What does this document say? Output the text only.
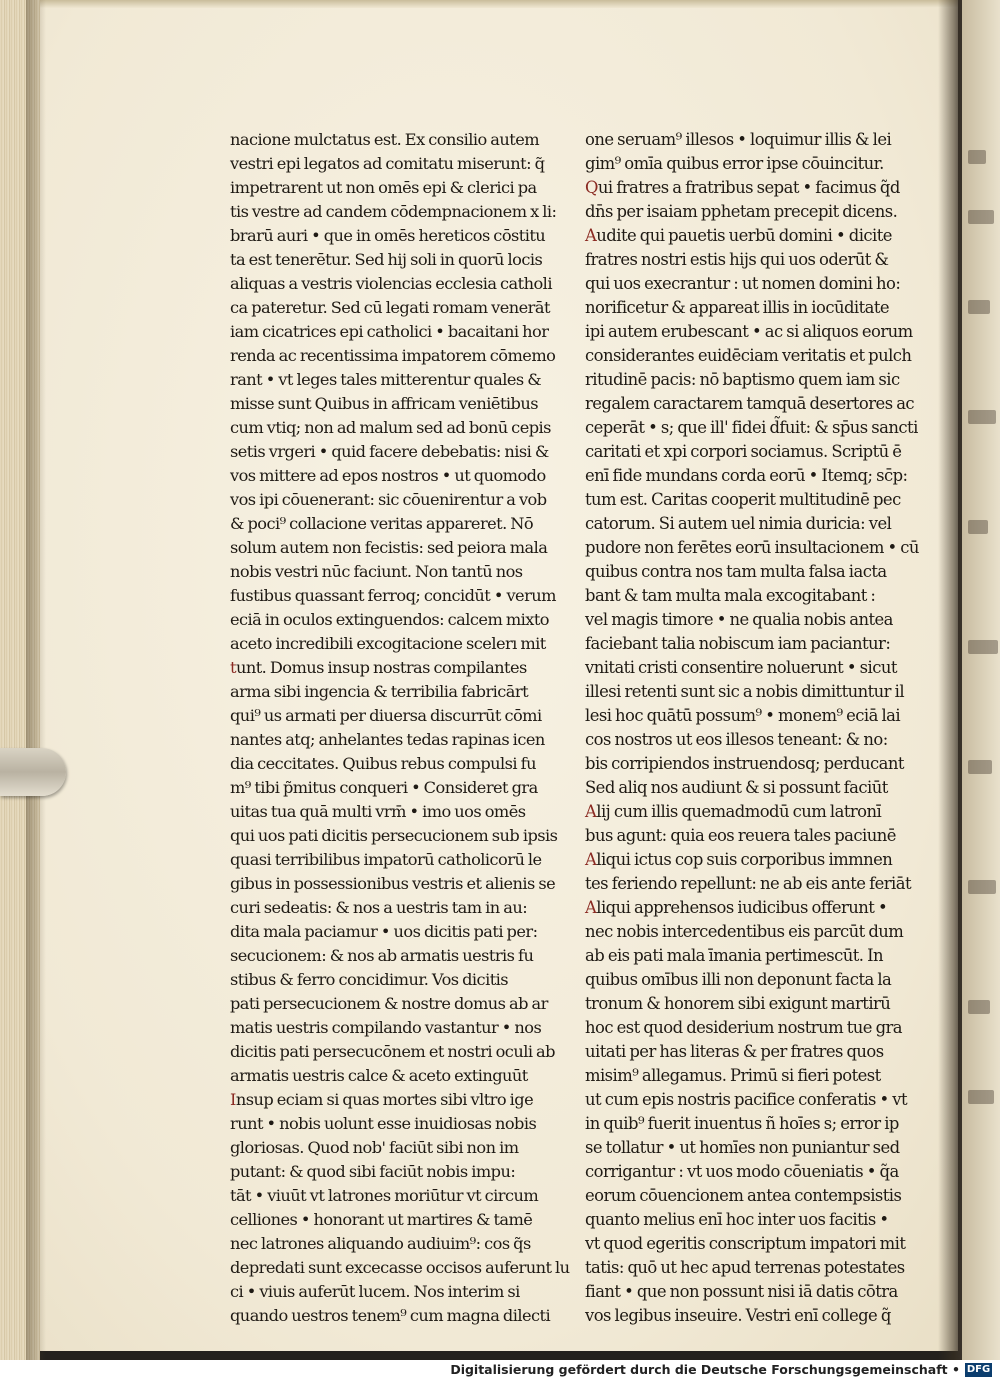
nacione mulctatus est. Ex consilio autem
vestri epi legatos ad comitatu miserunt: q̃
impetrarent ut non omēs epi & clerici pa
tis vestre ad candem cōdempnacionem x li:
brarū auri • que in omēs hereticos cōstitu
ta est tenerētur. Sed hij soli in quorū locis
aliquas a vestris violencias ecclesia catholi
ca pateretur. Sed cū legati romam venerāt
iam cicatrices epi catholici • bacaitani hor
renda ac recentissima impatorem cōmemo
rant • vt leges tales mitterentur quales &
misse sunt Quibus in affricam veniētibus
cum vtiq; non ad malum sed ad bonū cepis
setis vrgeri • quid facere debebatis: nisi &
vos mittere ad epos nostros • ut quomodo
vos ipi cōuenerant: sic cōuenirentur a vob
& poci⁹ collacione veritas appareret. Nō
solum autem non fecistis: sed peiora mala
nobis vestri nūc faciunt. Non tantū nos
fustibus quassant ferroq; concidūt • verum
eciā in oculos extinguendos: calcem mixto
aceto incredibili excogitacione scelerı mit
tunt. Domus insup nostras compilantes
arma sibi ingencia & terribilia fabricārt
qui⁹ us armati per diuersa discurrūt cōmi
nantes atq; anhelantes tedas rapinas icen
dia ceccitates. Quibus rebus compulsi fu
m⁹ tibi p̃mitus conqueri • Consideret gra
uitas tua quā multi vrm̄ • imo uos omēs
qui uos pati dicitis persecucionem sub ipsis
quasi terribilibus impatorū catholicorū le
gibus in possessionibus vestris et alienis se
curi sedeatis: & nos a uestris tam in au:
dita mala paciamur • uos dicitis pati per:
secucionem: & nos ab armatis uestris fu
stibus & ferro concidimur. Vos dicitis
pati persecucionem & nostre domus ab ar
matis uestris compilando vastantur • nos
dicitis pati persecucōnem et nostri oculi ab
armatis uestris calce & aceto extinguūt
Insup eciam si quas mortes sibi vltro ige
runt • nobis uolunt esse inuidiosas nobis
gloriosas. Quod nob' faciūt sibi non im
putant: & quod sibi faciūt nobis impu:
tāt • viuūt vt latrones moriūtur vt circum
celliones • honorant ut martires & tamē
nec latrones aliquando audiuim⁹: cos q̃s
depredati sunt excecasse occisos auferunt lu
ci • viuis auferūt lucem. Nos interim si
quando uestros tenem⁹ cum magna dilecti
one seruam⁹ illesos • loquimur illis & lei
gim⁹ omīa quibus error ipse cōuincitur.
Qui fratres a fratribus sepat • facimus q̃d
dn̄s per isaiam pphetam precepit dicens.
Audite qui pauetis uerbū domini • dicite
fratres nostri estis hijs qui uos oderūt &
qui uos execrantur : ut nomen domini ho:
norificetur & appareat illis in iocūditate
ipi autem erubescant • ac si aliquos eorum
considerantes euidēciam veritatis et pulch
ritudinē pacis: nō baptismo quem iam sic
regalem caractarem tamquā desertores ac
ceperāt • s; que ill' fidei d̃fuit: & sp̄us sancti
caritati et xpi corpori sociamus. Scriptū ē
enī fide mundans corda eorū • Itemq; sc̄p:
tum est. Caritas cooperit multitudinē pec
catorum. Si autem uel nimia duricia: vel
pudore non ferētes eorū insultacionem • cū
quibus contra nos tam multa falsa iacta
bant & tam multa mala excogitabant :
vel magis timore • ne qualia nobis antea
faciebant talia nobiscum iam paciantur:
vnitati cristi consentire noluerunt • sicut
illesi retenti sunt sic a nobis dimittuntur il
lesi hoc quātū possum⁹ • monem⁹ eciā lai
cos nostros ut eos illesos teneant: & no:
bis corripiendos instruendosq; perducant
Sed aliq nos audiunt & si possunt faciūt
Alij cum illis quemadmodū cum latronī
bus agunt: quia eos reuera tales paciunē
Aliqui ictus cop suis corporibus immnen
tes feriendo repellunt: ne ab eis ante feriāt
Aliqui apprehensos iudicibus offerunt •
nec nobis intercedentibus eis parcūt dum
ab eis pati mala īmania pertimescūt. In
quibus omībus illi non deponunt facta la
tronum & honorem sibi exigunt martirū
hoc est quod desiderium nostrum tue gra
uitati per has literas & per fratres quos
misim⁹ allegamus. Primū si fieri potest
ut cum epis nostris pacifice conferatis • vt
in quib⁹ fuerit inuentus ñ hoīes s; error ip
se tollatur • ut homīes non puniantur sed
corrigantur : vt uos modo cōueniatis • q̃a
eorum cōuencionem antea contempsistis
quanto melius enī hoc inter uos facitis •
vt quod egeritis conscriptum impatori mit
tatis: quō ut hec apud terrenas potestates
fiant • que non possunt nisi iā datis cōtra
vos legibus inseuire. Vestri enī college q̃
Digitalisierung gefördert durch die Deutsche Forschungsgemeinschaft • DFG
